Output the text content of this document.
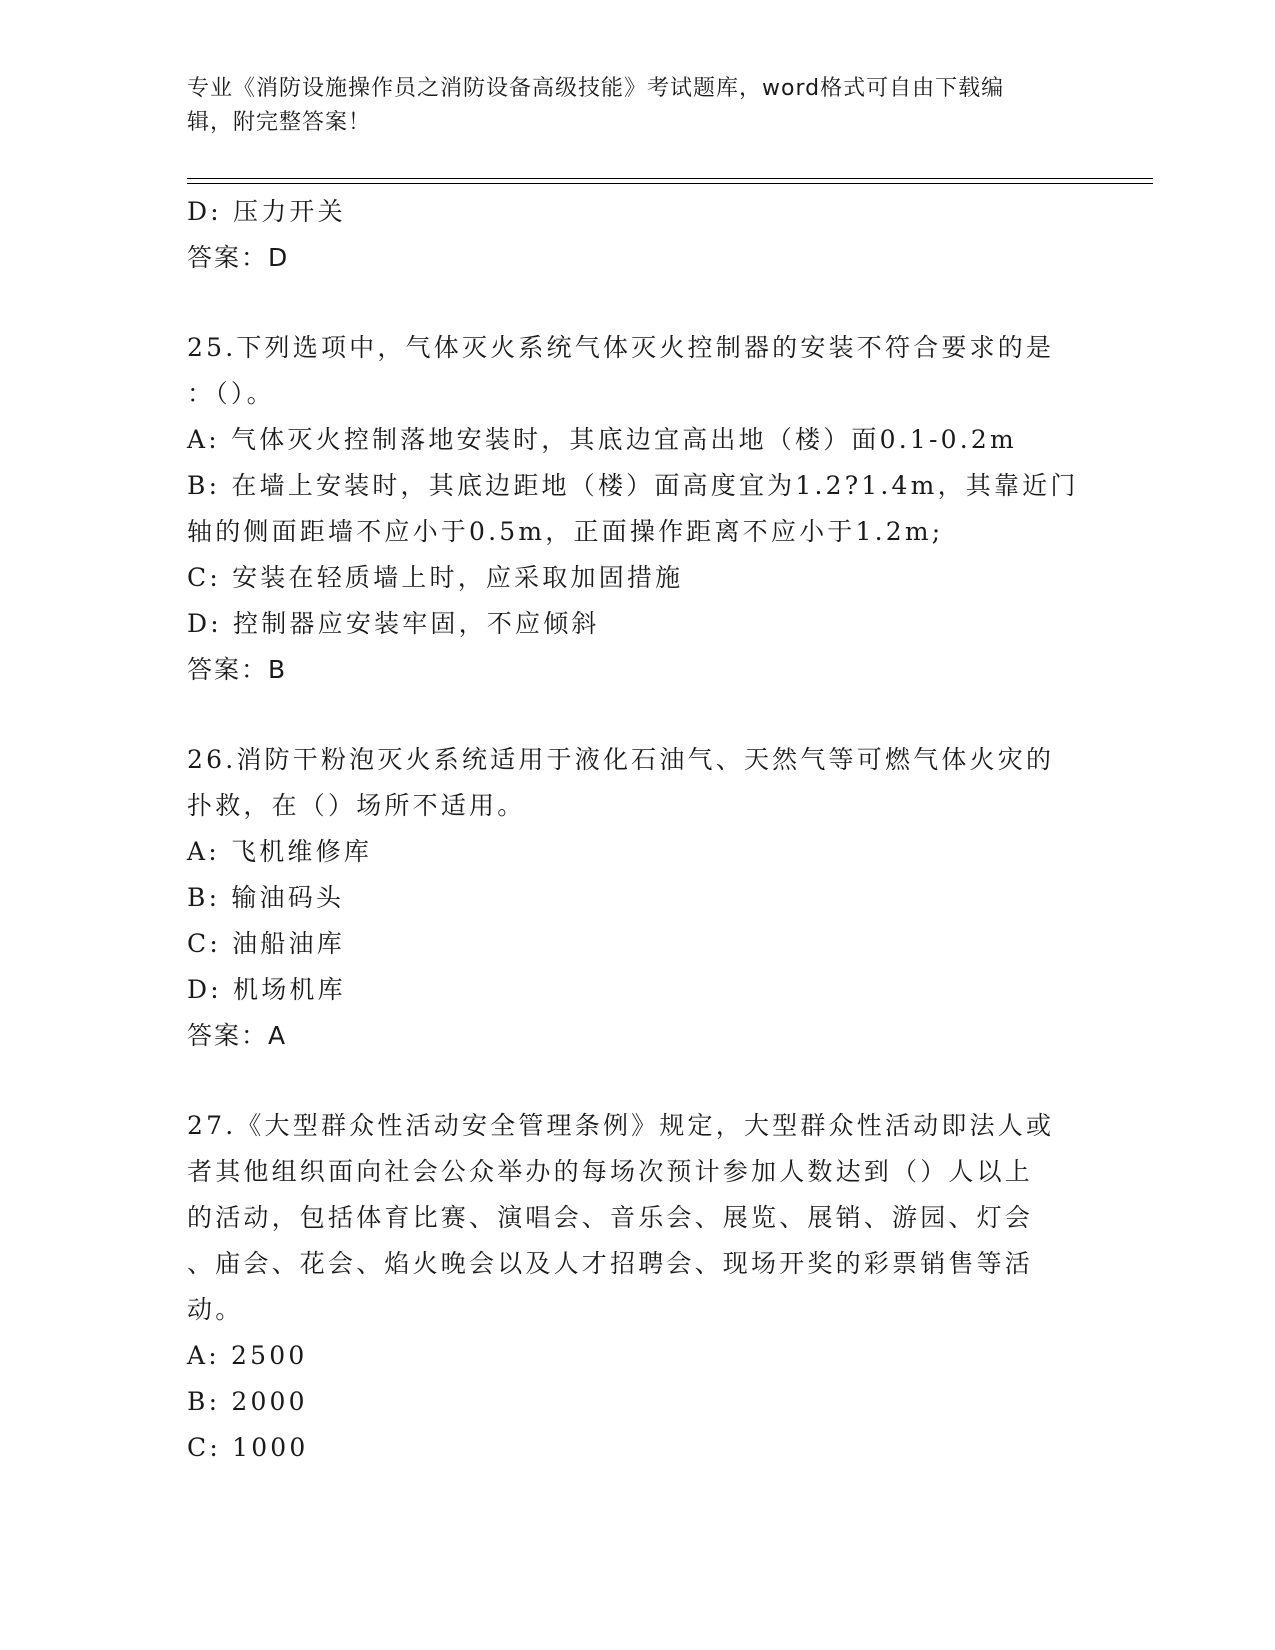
专业《消防设施操作员之消防设备高级技能》考试题库，word格式可自由下载编
辑，附完整答案！
D: 压力开关
答案：D
25.下列选项中，气体灭火系统气体灭火控制器的安装不符合要求的是
：（）。
A: 气体灭火控制落地安装时，其底边宜高出地（楼）面0.1-0.2m
B: 在墙上安装时，其底边距地（楼）面高度宜为1.2?1.4m，其靠近门
轴的侧面距墙不应小于0.5m，正面操作距离不应小于1.2m;
C: 安装在轻质墙上时，应采取加固措施
D: 控制器应安装牢固，不应倾斜
答案：B
26.消防干粉泡灭火系统适用于液化石油气、天然气等可燃气体火灾的
扑救，在（）场所不适用。
A: 飞机维修库
B: 输油码头
C: 油船油库
D: 机场机库
答案：A
27.《大型群众性活动安全管理条例》规定，大型群众性活动即法人或
者其他组织面向社会公众举办的每场次预计参加人数达到（）人以上
的活动，包括体育比赛、演唱会、音乐会、展览、展销、游园、灯会
、庙会、花会、焰火晚会以及人才招聘会、现场开奖的彩票销售等活
动。
A: 2500
B: 2000
C: 1000
